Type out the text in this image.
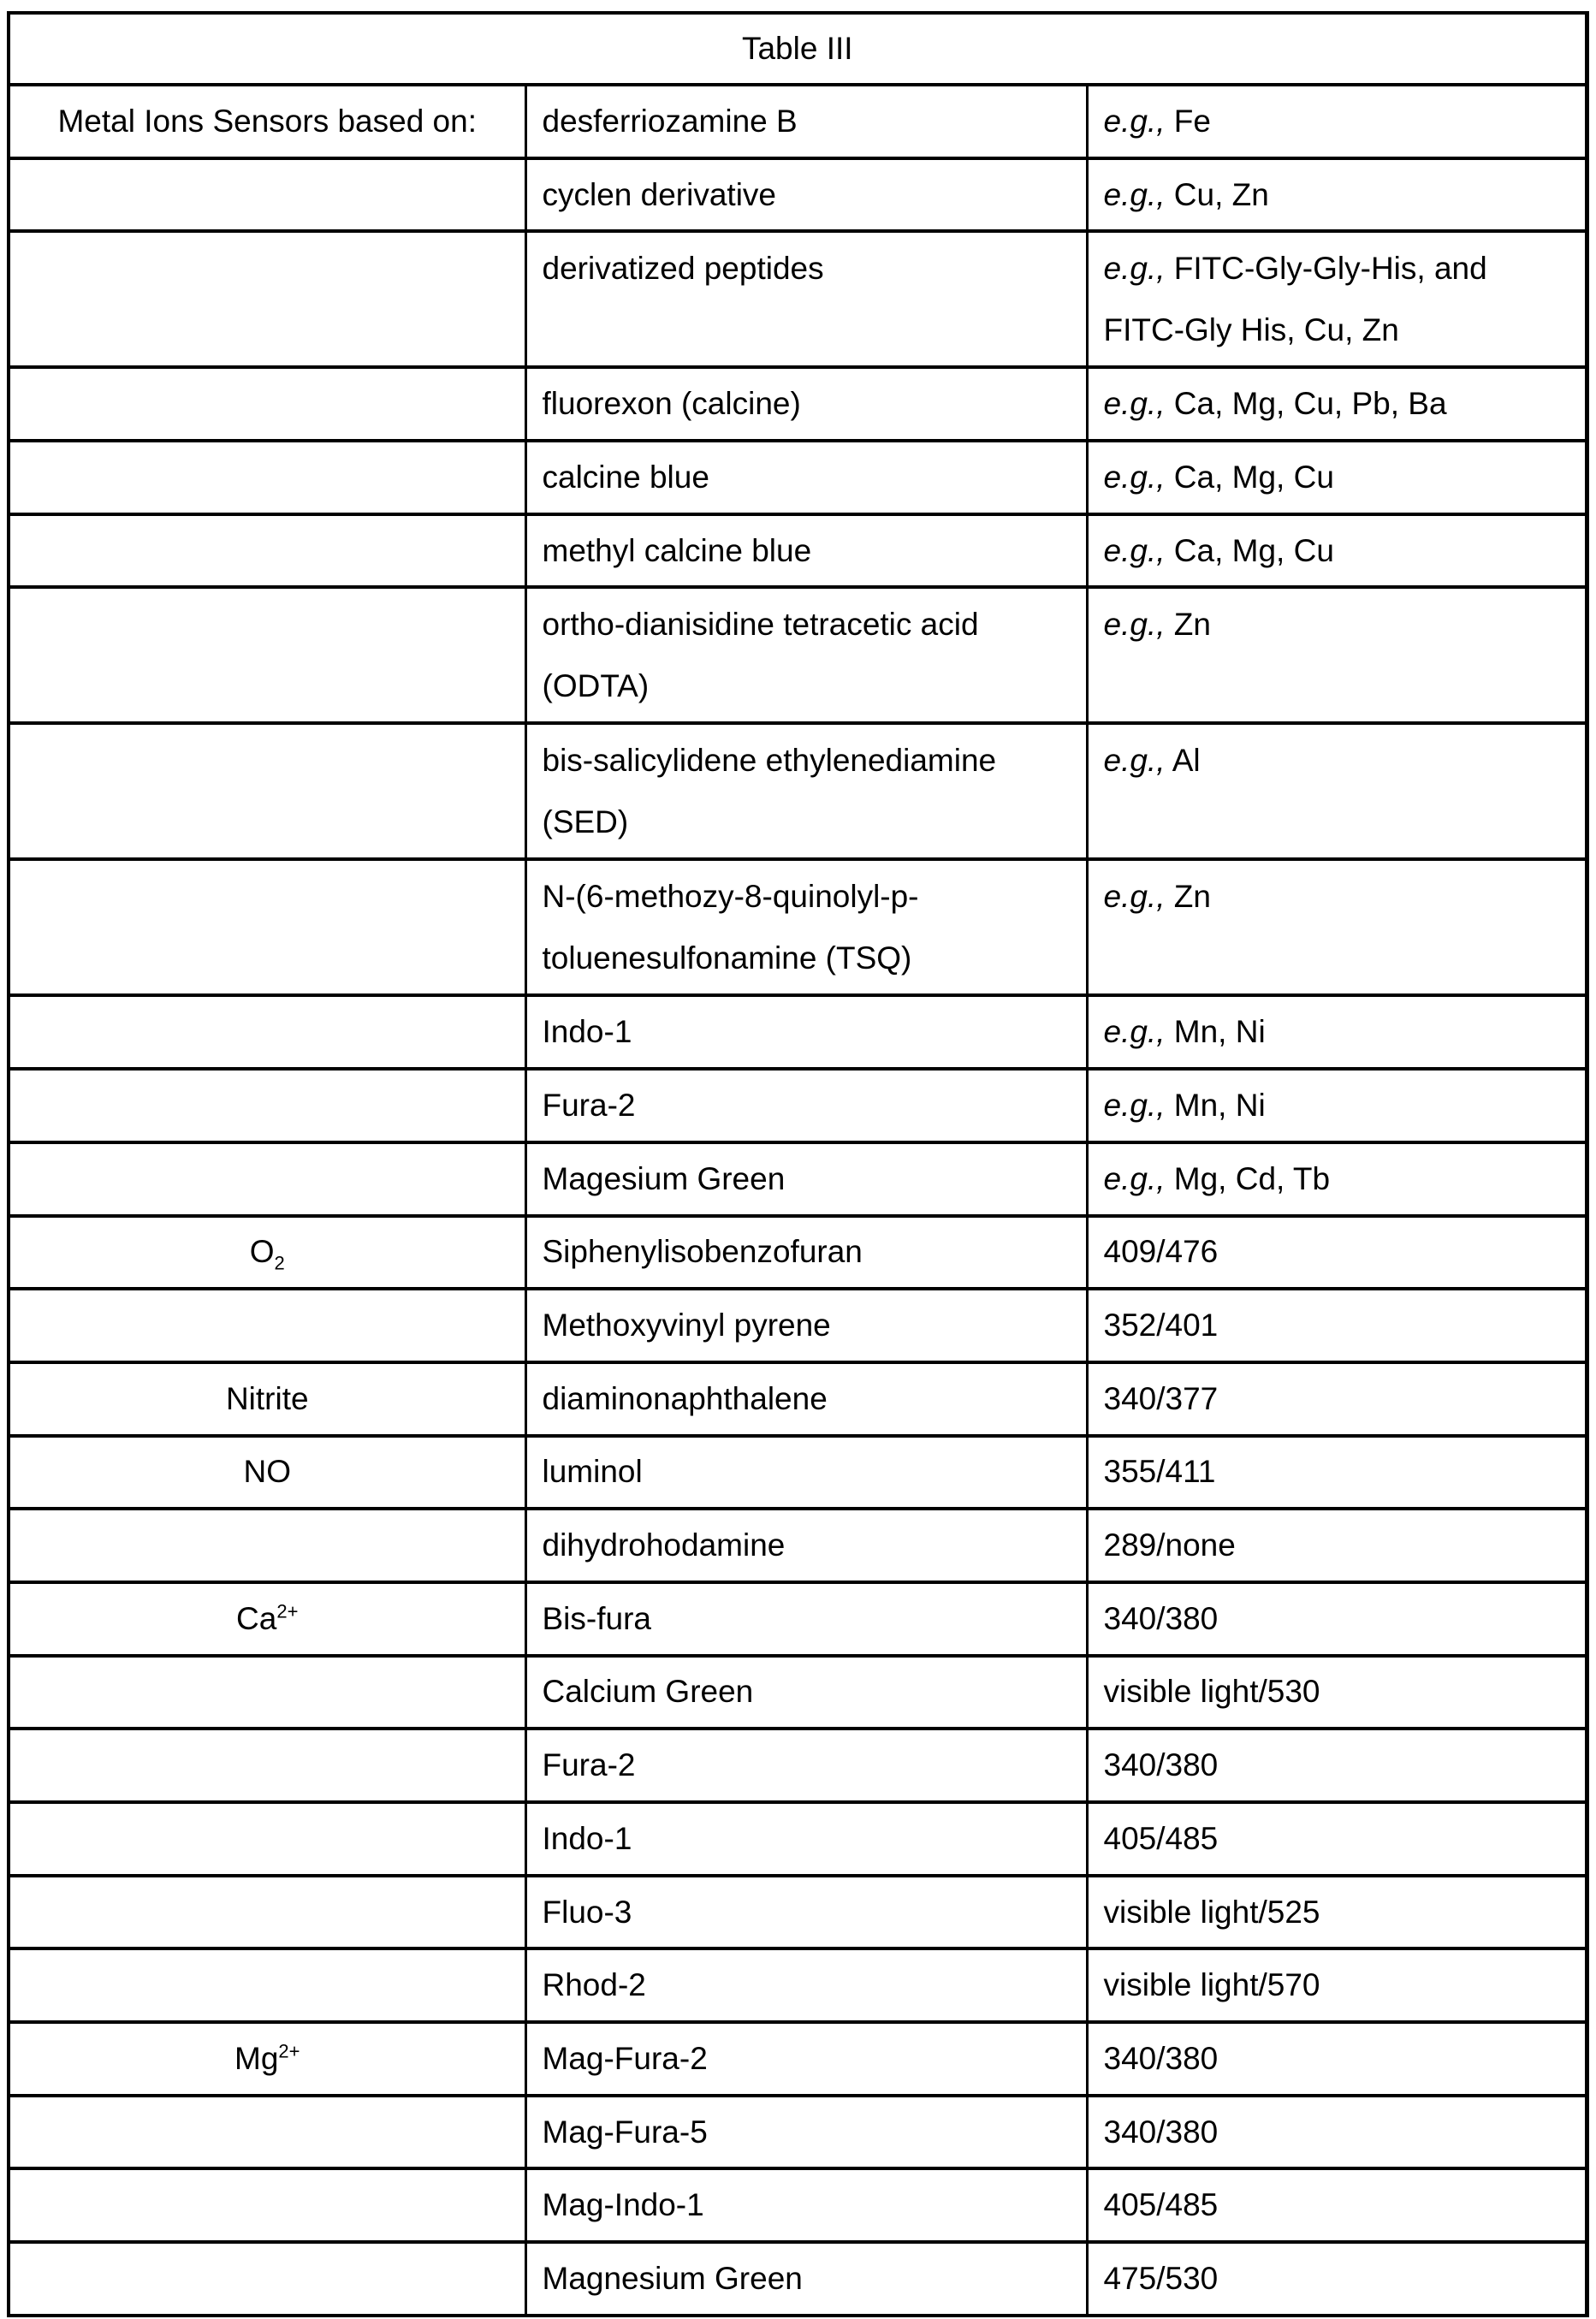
Table III
Metal Ions Sensors based on:	desferriozamine B	e.g., Fe
	cyclen derivative	e.g., Cu, Zn
	derivatized peptides	e.g., FITC-Gly-Gly-His, and FITC-Gly His, Cu, Zn
	fluorexon (calcine)	e.g., Ca, Mg, Cu, Pb, Ba
	calcine blue	e.g., Ca, Mg, Cu
	methyl calcine blue	e.g., Ca, Mg, Cu
	ortho-dianisidine tetracetic acid (ODTA)	e.g., Zn
	bis-salicylidene ethylenediamine (SED)	e.g., Al
	N-(6-methozy-8-quinolyl-p-toluenesulfonamine (TSQ)	e.g., Zn
	Indo-1	e.g., Mn, Ni
	Fura-2	e.g., Mn, Ni
	Magesium Green	e.g., Mg, Cd, Tb
O2	Siphenylisobenzofuran	409/476
	Methoxyvinyl pyrene	352/401
Nitrite	diaminonaphthalene	340/377
NO	luminol	355/411
	dihydrohodamine	289/none
Ca2+	Bis-fura	340/380
	Calcium Green	visible light/530
	Fura-2	340/380
	Indo-1	405/485
	Fluo-3	visible light/525
	Rhod-2	visible light/570
Mg2+	Mag-Fura-2	340/380
	Mag-Fura-5	340/380
	Mag-Indo-1	405/485
	Magnesium Green	475/530
